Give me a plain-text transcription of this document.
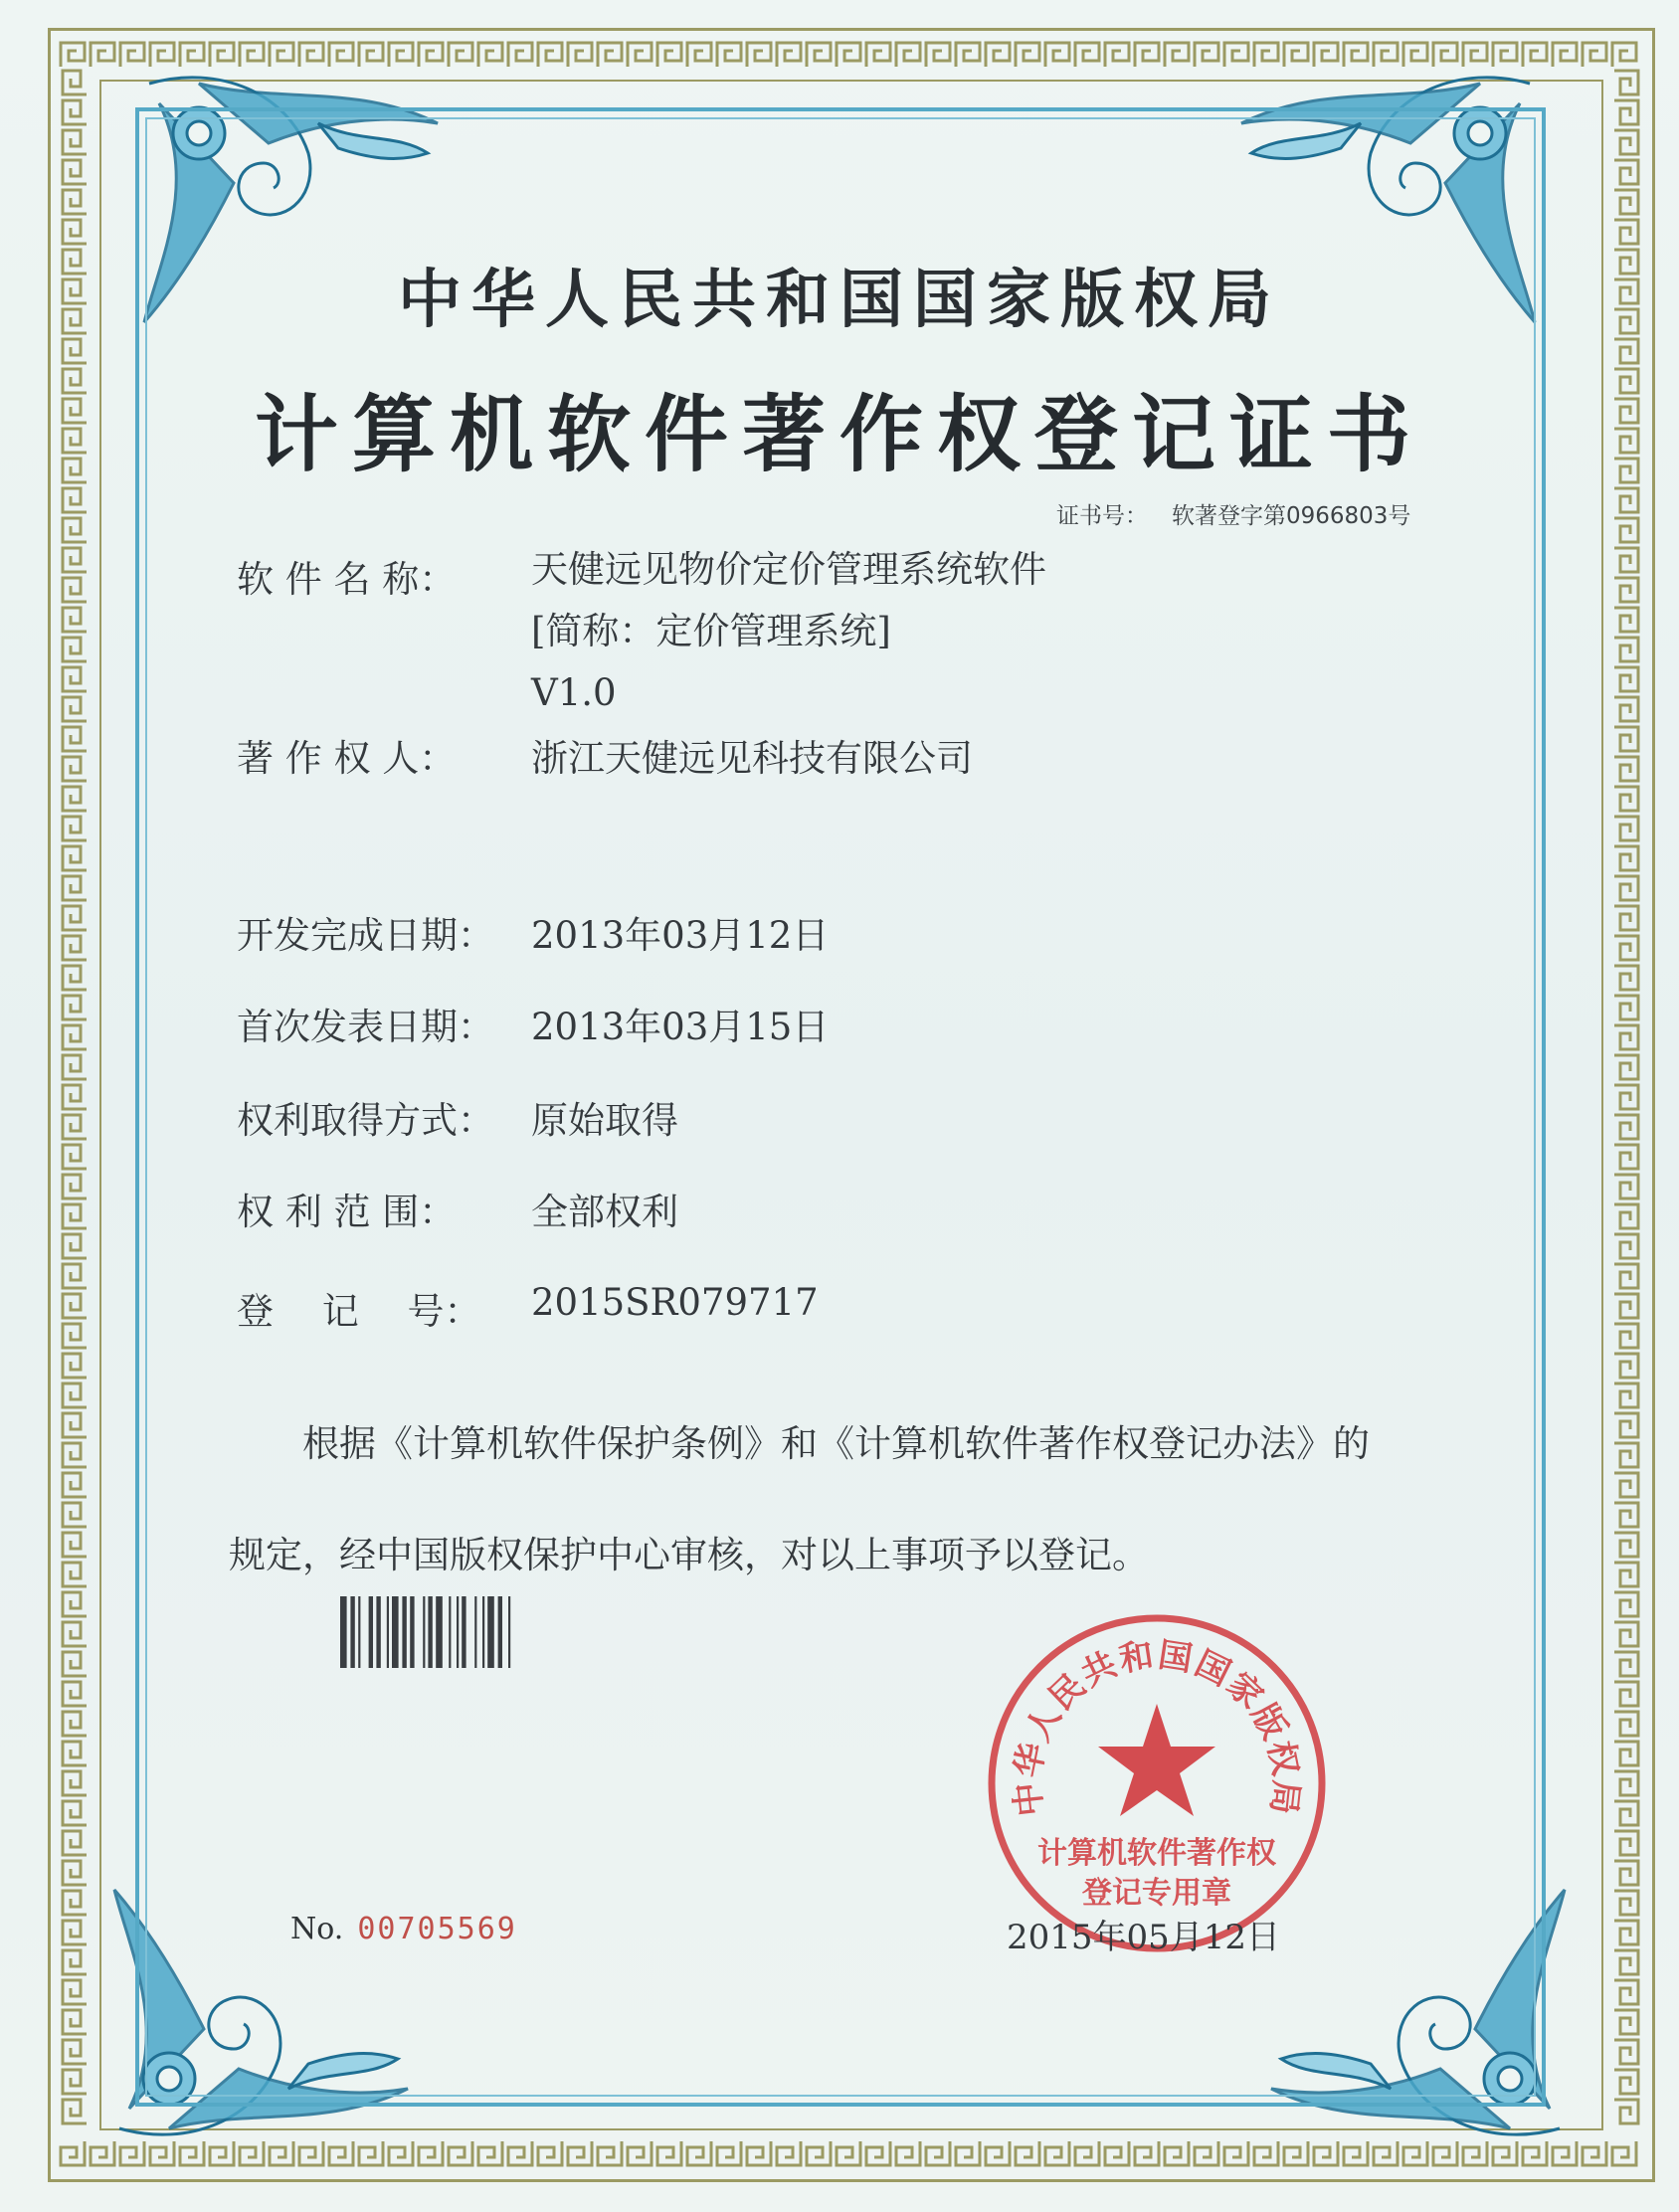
中华人民共和国国家版权局
计算机软件著作权登记证书
证书号： 软著登字第0966803号
软 件 名 称： 天健远见物价定价管理系统软件
[简称：定价管理系统]
V1.0
著 作 权 人： 浙江天健远见科技有限公司
开发完成日期： 2013年03月12日
首次发表日期： 2013年03月15日
权利取得方式： 原始取得
权 利 范 围： 全部权利
登　 记　 号： 2015SR079717
　　根据《计算机软件保护条例》和《计算机软件著作权登记办法》的
规定，经中国版权保护中心审核，对以上事项予以登记。
中华人民共和国国家版权局
计算机软件著作权
登记专用章
No. 00705569	2015年05月12日
